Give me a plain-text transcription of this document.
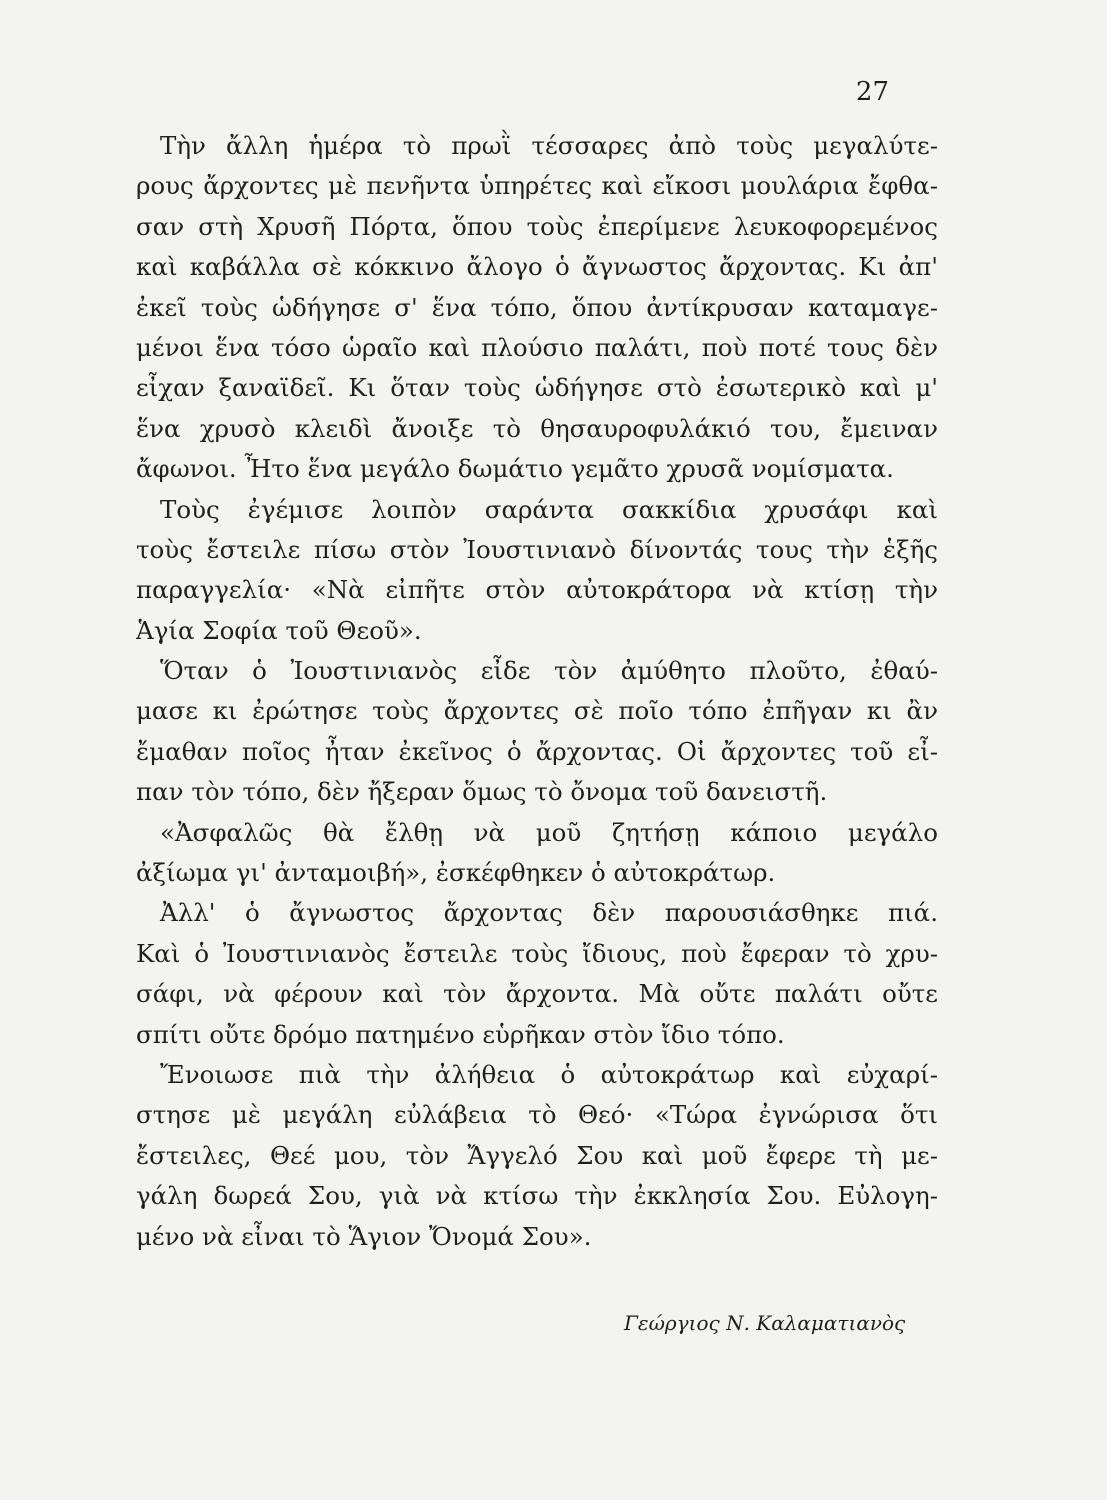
27
Τὴν ἄλλη ἡμέρα τὸ πρωῒ τέσσαρες ἀπὸ τοὺς μεγαλύτε-
ρους ἄρχοντες μὲ πενῆντα ὑπηρέτες καὶ εἴκοσι μουλάρια ἔφθα-
σαν στὴ Χρυσῆ Πόρτα, ὅπου τοὺς ἐπερίμενε λευκοφορεμένος
καὶ καβάλλα σὲ κόκκινο ἄλογο ὁ ἄγνωστος ἄρχοντας. Κι ἀπ'
ἐκεῖ τοὺς ὡδήγησε σ' ἕνα τόπο, ὅπου ἀντίκρυσαν καταμαγε-
μένοι ἕνα τόσο ὡραῖο καὶ πλούσιο παλάτι, ποὺ ποτέ τους δὲν
εἶχαν ξαναϊδεῖ. Κι ὅταν τοὺς ὡδήγησε στὸ ἐσωτερικὸ καὶ μ'
ἕνα χρυσὸ κλειδὶ ἄνοιξε τὸ θησαυροφυλάκιό του, ἔμειναν
ἄφωνοι. Ἦτο ἕνα μεγάλο δωμάτιο γεμᾶτο χρυσᾶ νομίσματα.
Τοὺς ἐγέμισε λοιπὸν σαράντα σακκίδια χρυσάφι καὶ
τοὺς ἔστειλε πίσω στὸν Ἰουστινιανὸ δίνοντάς τους τὴν ἑξῆς
παραγγελία· «Νὰ εἰπῆτε στὸν αὐτοκράτορα νὰ κτίσῃ τὴν
Ἁγία Σοφία τοῦ Θεοῦ».
Ὅταν ὁ Ἰουστινιανὸς εἶδε τὸν ἀμύθητο πλοῦτο, ἐθαύ-
μασε κι ἐρώτησε τοὺς ἄρχοντες σὲ ποῖο τόπο ἐπῆγαν κι ἂν
ἔμαθαν ποῖος ἦταν ἐκεῖνος ὁ ἄρχοντας. Οἱ ἄρχοντες τοῦ εἶ-
παν τὸν τόπο, δὲν ἤξεραν ὅμως τὸ ὄνομα τοῦ δανειστῆ.
«Ἀσφαλῶς θὰ ἔλθῃ νὰ μοῦ ζητήσῃ κάποιο μεγάλο
ἀξίωμα γι' ἀνταμοιβή», ἐσκέφθηκεν ὁ αὐτοκράτωρ.
Ἀλλ' ὁ ἄγνωστος ἄρχοντας δὲν παρουσιάσθηκε πιά.
Καὶ ὁ Ἰουστινιανὸς ἔστειλε τοὺς ἴδιους, ποὺ ἔφεραν τὸ χρυ-
σάφι, νὰ φέρουν καὶ τὸν ἄρχοντα. Μὰ οὔτε παλάτι οὔτε
σπίτι οὔτε δρόμο πατημένο εὑρῆκαν στὸν ἴδιο τόπο.
Ἔνοιωσε πιὰ τὴν ἀλήθεια ὁ αὐτοκράτωρ καὶ εὐχαρί-
στησε μὲ μεγάλη εὐλάβεια τὸ Θεό· «Τώρα ἐγνώρισα ὅτι
ἔστειλες, Θεέ μου, τὸν Ἄγγελό Σου καὶ μοῦ ἔφερε τὴ με-
γάλη δωρεά Σου, γιὰ νὰ κτίσω τὴν ἐκκλησία Σου. Εὐλογη-
μένο νὰ εἶναι τὸ Ἅγιον Ὄνομά Σου».
Γεώργιος Ν. Καλαματιανὸς
